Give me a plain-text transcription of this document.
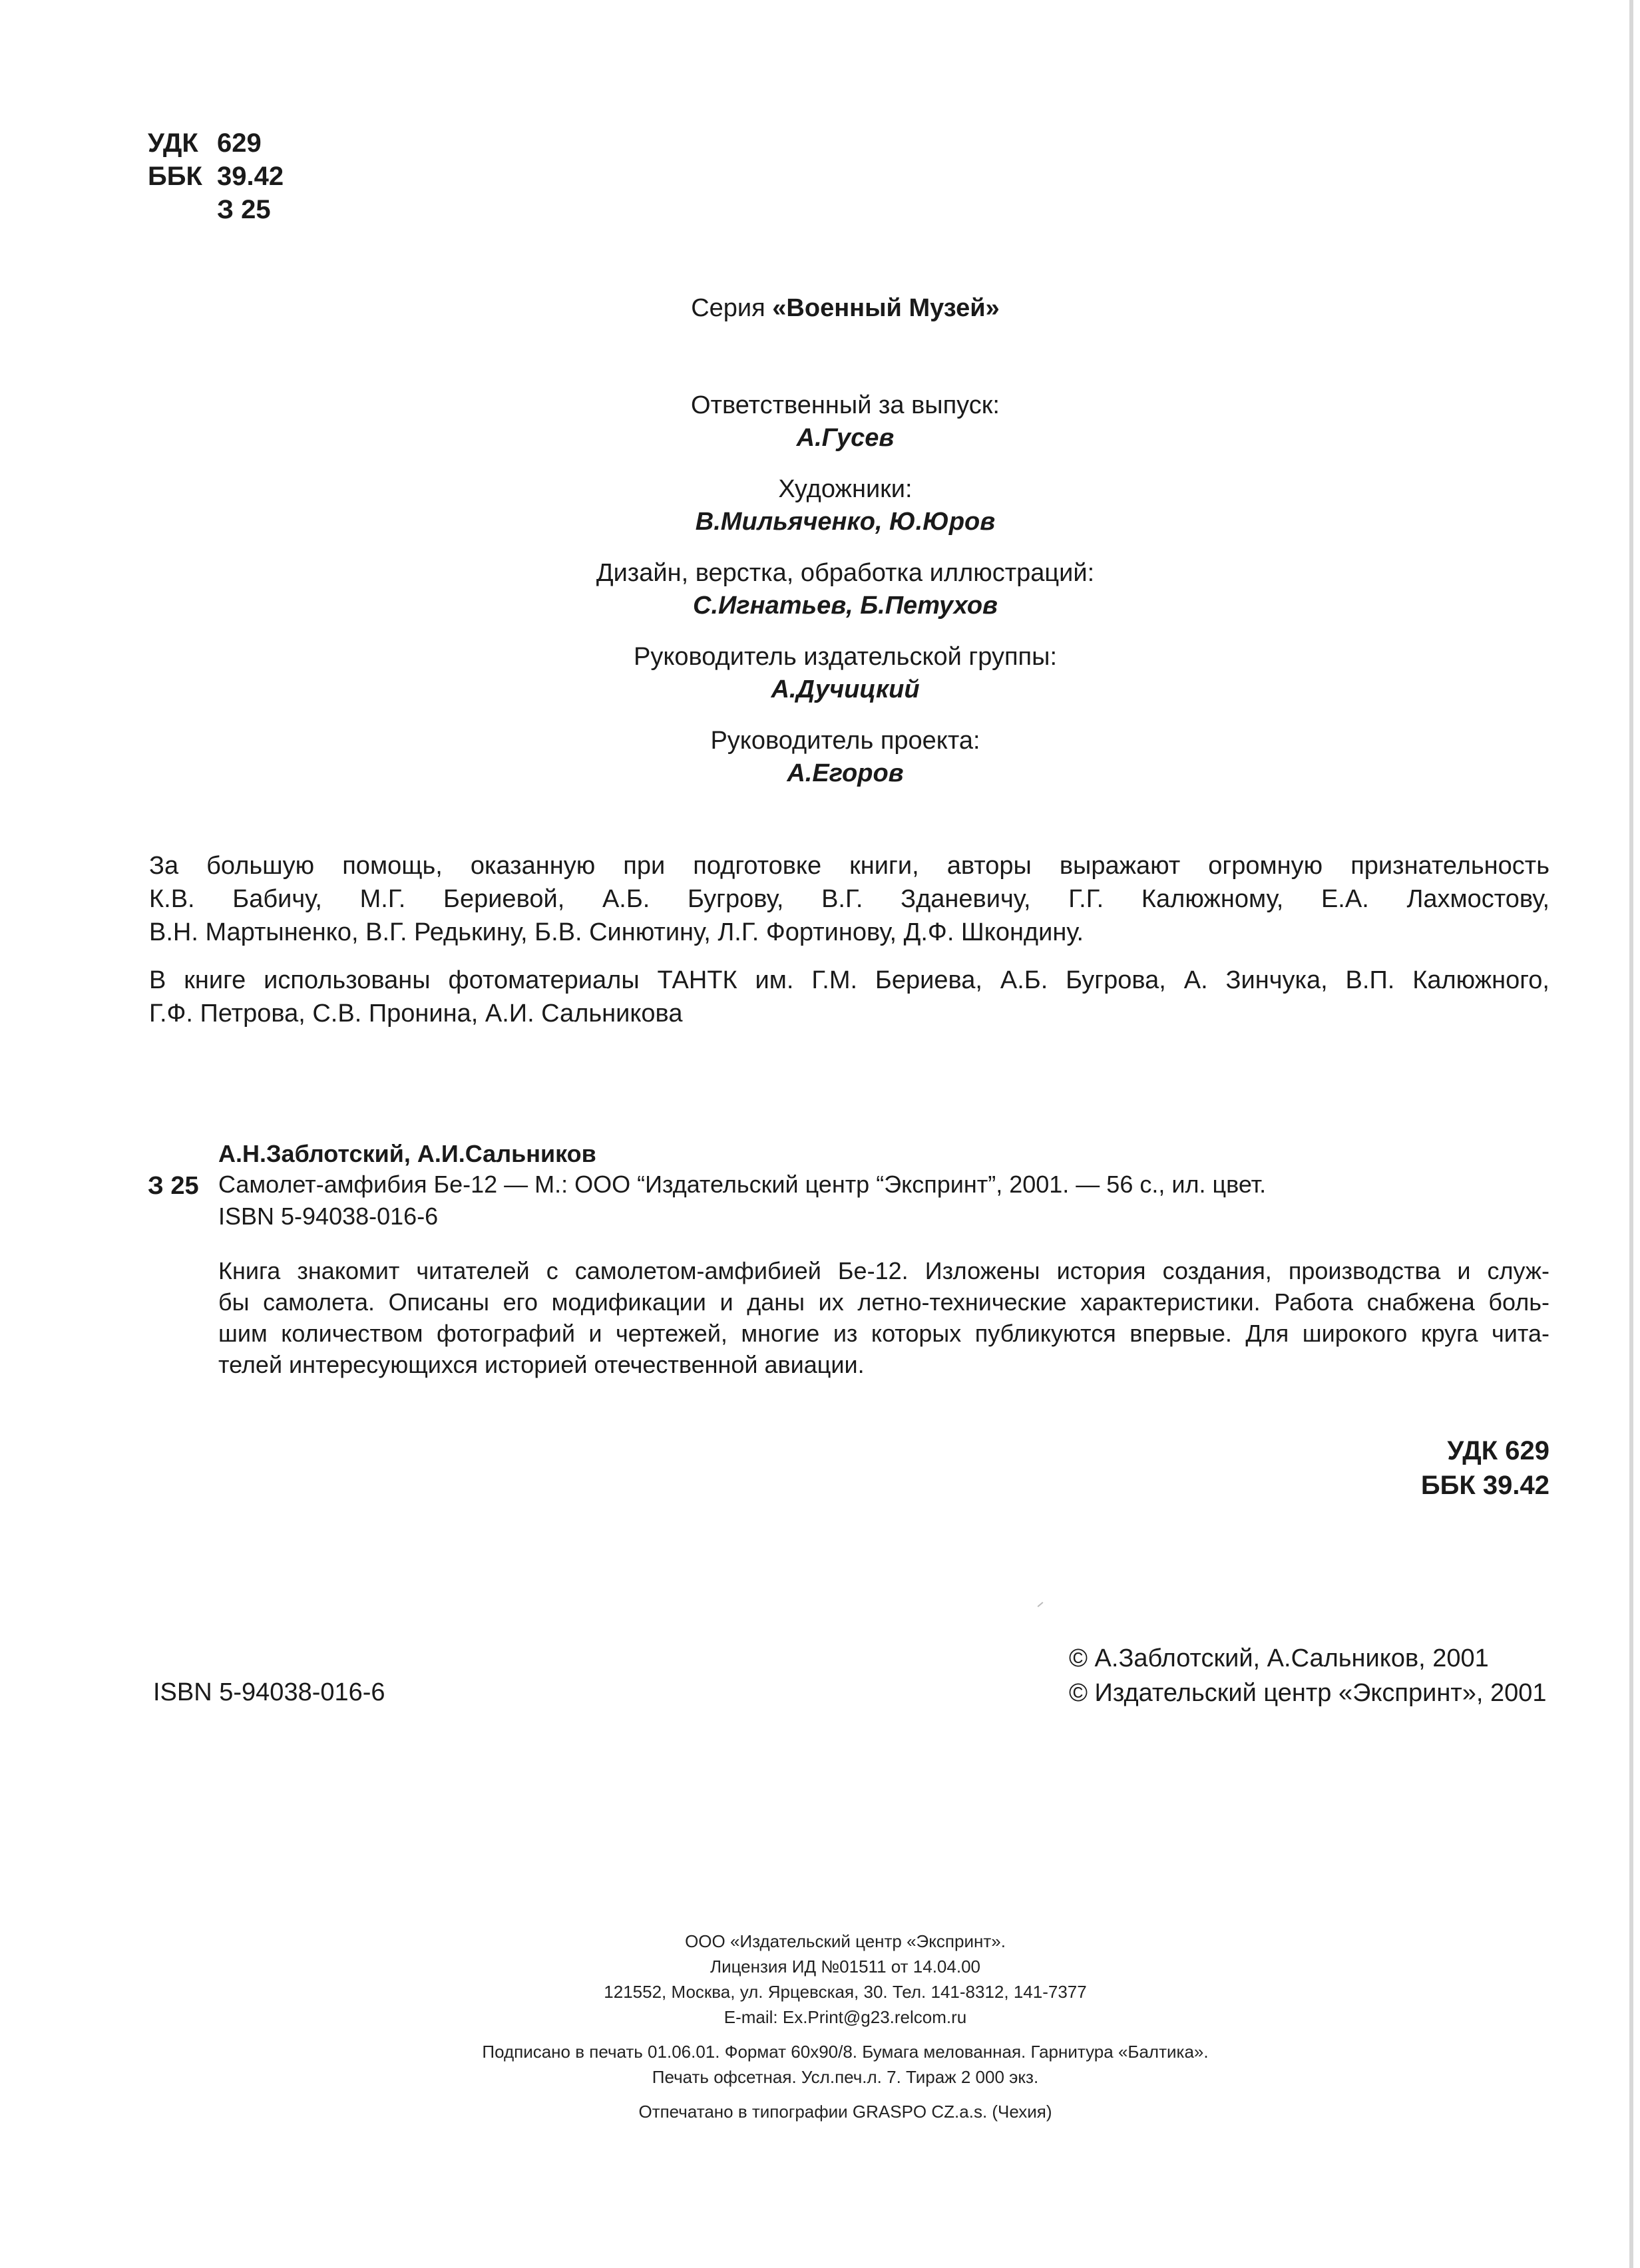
УДК 629
ББК 39.42
З 25
Серия «Военный Музей»
Ответственный за выпуск:
А.Гусев
Художники:
В.Мильяченко, Ю.Юров
Дизайн, верстка, обработка иллюстраций:
С.Игнатьев, Б.Петухов
Руководитель издательской группы:
А.Дучицкий
Руководитель проекта:
А.Егоров
За большую помощь, оказанную при подготовке книги, авторы выражают огромную признательность
К.В. Бабичу, М.Г. Бериевой, А.Б. Бугрову, В.Г. Зданевичу, Г.Г. Калюжному, Е.А. Лахмостову,
В.Н. Мартыненко, В.Г. Редькину, Б.В. Синютину, Л.Г. Фортинову, Д.Ф. Шкондину.
В книге использованы фотоматериалы ТАНТК им. Г.М. Бериева, А.Б. Бугрова, А. Зинчука, В.П. Калюжного,
Г.Ф. Петрова, С.В. Пронина, А.И. Сальникова
А.Н.Заблотский, А.И.Сальников
З 25 Самолет-амфибия Бе-12 — М.: ООО “Издательский центр “Экспринт”, 2001. — 56 с., ил. цвет.
ISBN 5-94038-016-6
Книга знакомит читателей с самолетом-амфибией Бе-12. Изложены история создания, производства и служ-
бы самолета. Описаны его модификации и даны их летно-технические характеристики. Работа снабжена боль-
шим количеством фотографий и чертежей, многие из которых публикуются впервые. Для широкого круга чита-
телей интересующихся историей отечественной авиации.
УДК 629
ББК 39.42
ISBN 5-94038-016-6
© А.Заблотский, А.Сальников, 2001
© Издательский центр «Экспринт», 2001
ООО «Издательский центр «Экспринт».
Лицензия ИД №01511 от 14.04.00
121552, Москва, ул. Ярцевская, 30. Тел. 141-8312, 141-7377
E-mail: Ex.Print@g23.relcom.ru
Подписано в печать 01.06.01. Формат 60х90/8. Бумага мелованная. Гарнитура «Балтика».
Печать офсетная. Усл.печ.л. 7. Тираж 2 000 экз.
Отпечатано в типографии GRASPO CZ.a.s. (Чехия)
